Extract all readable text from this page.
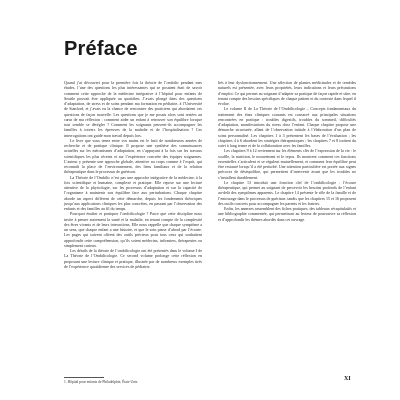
Préface

Quand j’ai découvert pour la première fois la théorie de l’ombilic pendant mes études, l’une des questions les plus intéressantes qui se posaient était de savoir comment cette approche de la médecine intégrative à l’hôpital pour enfants de Seattle pouvait être appliquée au quotidien. J’avais plongé dans des questions d’adaptation, de stress et de soins pendant ma formation en pédiatrie, à l’Université de Stanford, et j’avais eu la chance de rencontrer des praticiens qui abordaient ces questions de façon nouvelle. Les questions que je me posais alors sont restées au cœur de ma réflexion : comment aider un enfant à retrouver son équilibre lorsque tout semble se dérégler ? Comment les soignants peuvent-ils accompagner les familles à travers les épreuves de la maladie et de l’hospitalisation ? Ces interrogations ont guidé mon travail depuis lors.

Le livre que vous tenez entre vos mains est le fruit de nombreuses années de recherche et de pratique clinique. Il propose une synthèse des connaissances actuelles sur les mécanismes d’adaptation, en s’appuyant à la fois sur les travaux scientifiques les plus récents et sur l’expérience concrète des équipes soignantes. L’auteur y présente une approche globale, attentive au corps comme à l’esprit, qui reconnaît la place de l’environnement, des liens familiaux et de la relation thérapeutique dans le processus de guérison.

La Théorie de l’Ombilic n’est pas une approche intégrative de la médecine, à la fois scientifique et humaine, complexe et pratique. Elle repose sur une lecture attentive de la physiologie, sur les processus d’adaptation et sur la capacité de l’organisme à maintenir son équilibre face aux perturbations. Chaque chapitre aborde un aspect différent de cette démarche, depuis les fondements théoriques jusqu’aux applications cliniques les plus concrètes, en passant par l’observation des enfants et des familles au fil du temps.

Pourquoi étudier et pratiquer l’ombilicologie ? Parce que cette discipline nous invite à penser autrement la santé et la maladie, en tenant compte de la complexité des êtres vivants et de leurs interactions. Elle nous rappelle que chaque symptôme a un sens, que chaque enfant a une histoire, et que le soin passe d’abord par l’écoute. Les pages qui suivent offrent des outils précieux pour tous ceux qui souhaitent approfondir cette compréhension, qu’ils soient médecins, infirmiers, thérapeutes ou simplement curieux.

Les détails de la théorie de l’ombilicologie ont été présentés dans le volume I de La Théorie de l’Ombilicologie. Ce second volume prolonge cette réflexion en proposant une lecture clinique et pratique, illustrée par de nombreux exemples tirés de l’expérience quotidienne des services de pédiatrie.

liés à leur dysfonctionnement. Une sélection de plantes médicinales et de remèdes naturels est présentée, avec leurs propriétés, leurs indications et leurs précautions d’emploi. Ce qui permet au soignant d’adapter sa pratique de façon rapide et sûre, en tenant compte des besoins spécifiques de chaque patient et du contexte dans lequel il évolue.

Le volume II de La Théorie de l’Ombilicologie – Concepts fondamentaux du traitement des états cliniques courants est consacré aux principales situations rencontrées en pratique : troubles digestifs, troubles du sommeil, difficultés d’adaptation, manifestations du stress chez l’enfant. Chaque chapitre propose une démarche structurée, allant de l’observation initiale à l’élaboration d’un plan de soins personnalisé. Les chapitres 1 à 3 présentent les bases de l’évaluation ; les chapitres 4 à 6 abordent les stratégies thérapeutiques ; les chapitres 7 et 8 traitent du suivi à long terme et de la collaboration avec les familles.

Les chapitres 9 à 12 reviennent sur les éléments clés de l’expression de la vie : le souffle, la nutrition, le mouvement et le repos. Ils montrent comment ces fonctions essentielles s’articulent et se régulent mutuellement, et comment leur équilibre peut être restauré lorsqu’il a été perturbé. Une attention particulière est portée aux signes précoces de déséquilibre, qui permettent d’intervenir avant que les troubles ne s’installent durablement.

Le chapitre 13 introduit une fonction clef de l’ombilicologie : l’écoute thérapeutique, qui permet au soignant de percevoir les besoins profonds de l’enfant au-delà des symptômes apparents. Le chapitre 14 présente le rôle de la famille et de l’entourage dans le processus de guérison, tandis que les chapitres 15 et 16 proposent des outils concrets pour accompagner les parents et les fratries.

Enfin, les annexes rassemblent des fiches pratiques, des tableaux récapitulatifs et une bibliographie commentée, qui permettront au lecteur de poursuivre sa réflexion et d’approfondir les thèmes abordés dans cet ouvrage.

1. Hôpital pour enfants de Philadelphie, États-Unis.	XI
